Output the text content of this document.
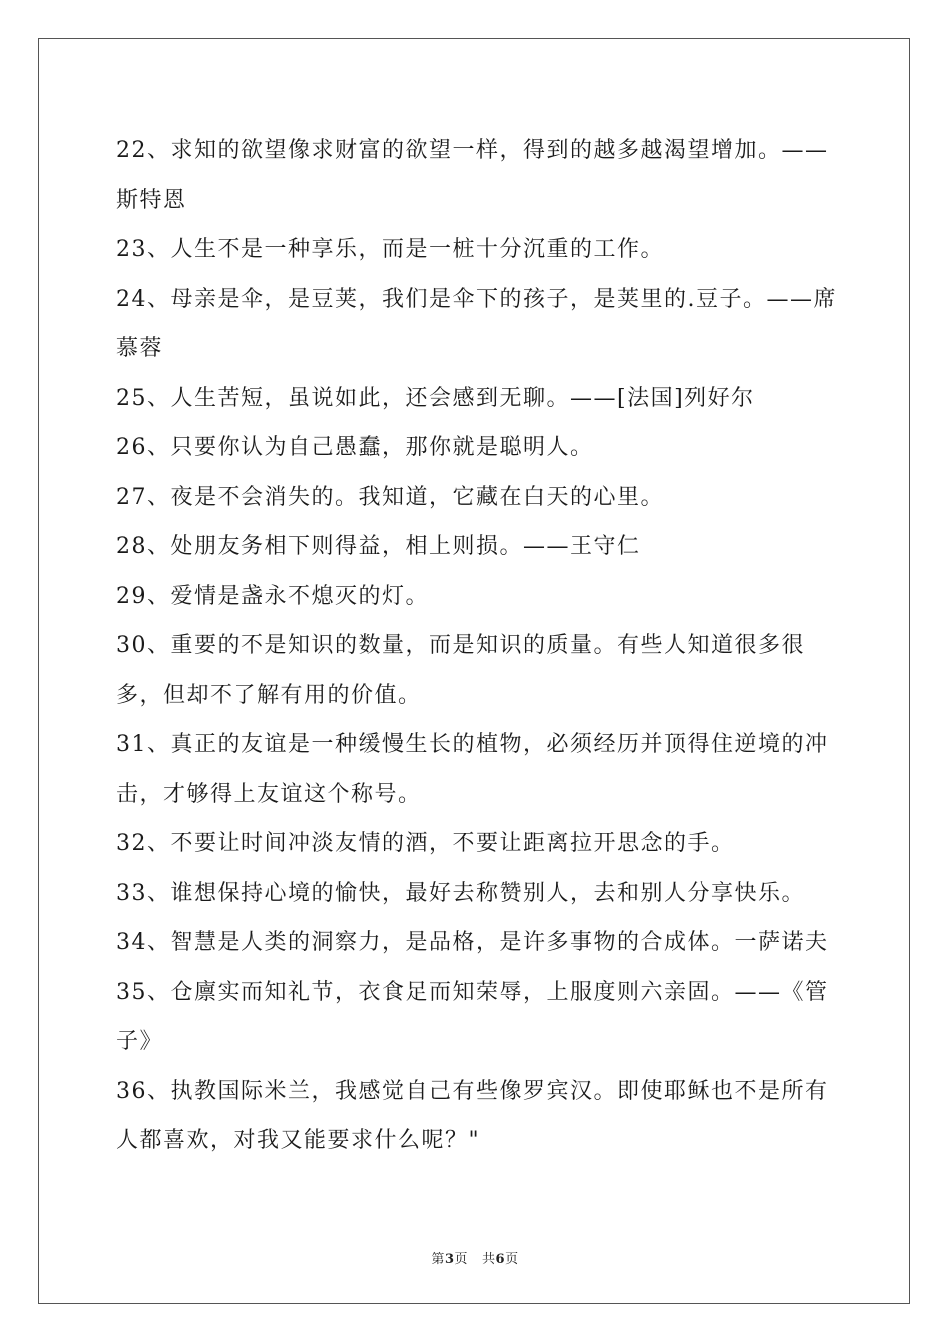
22、求知的欲望像求财富的欲望一样，得到的越多越渴望增加。——斯特恩

23、人生不是一种享乐，而是一桩十分沉重的工作。

24、母亲是伞，是豆荚，我们是伞下的孩子，是荚里的.豆子。——席慕蓉

25、人生苦短，虽说如此，还会感到无聊。——[法国]列好尔

26、只要你认为自己愚蠢，那你就是聪明人。

27、夜是不会消失的。我知道，它藏在白天的心里。

28、处朋友务相下则得益，相上则损。——王守仁

29、爱情是盏永不熄灭的灯。

30、重要的不是知识的数量，而是知识的质量。有些人知道很多很多，但却不了解有用的价值。

31、真正的友谊是一种缓慢生长的植物，必须经历并顶得住逆境的冲击，才够得上友谊这个称号。

32、不要让时间冲淡友情的酒，不要让距离拉开思念的手。

33、谁想保持心境的愉快，最好去称赞别人，去和别人分享快乐。

34、智慧是人类的洞察力，是品格，是许多事物的合成体。一萨诺夫

35、仓廪实而知礼节，衣食足而知荣辱，上服度则六亲固。——《管子》

36、执教国际米兰，我感觉自己有些像罗宾汉。即使耶稣也不是所有人都喜欢，对我又能要求什么呢？"

第3页 共6页
